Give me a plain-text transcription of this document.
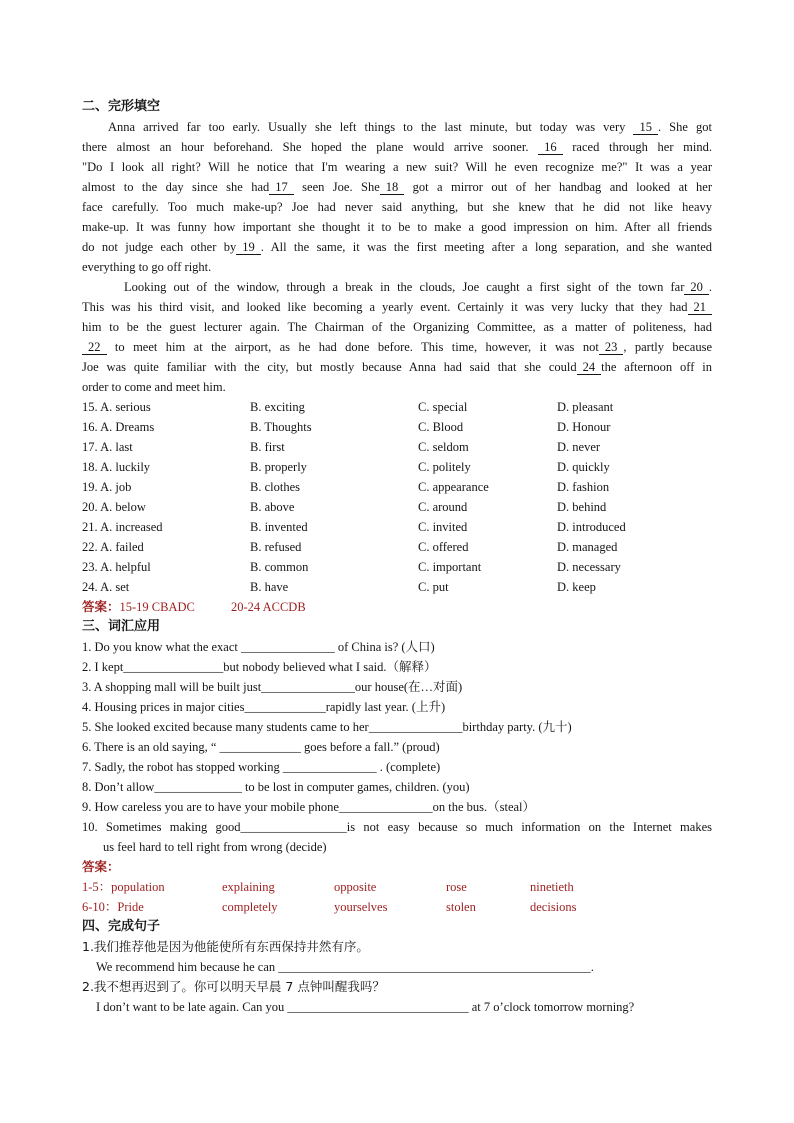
二、完形填空
Anna arrived far too early. Usually she left things to the last minute, but today was very 15 . She got
there almost an hour beforehand. She hoped the plane would arrive sooner. 16 raced through her mind.
"Do I look all right? Will he notice that I'm wearing a new suit? Will he even recognize me?" It was a year
almost to the day since she had 17 seen Joe. She 18 got a mirror out of her handbag and looked at her
face carefully. Too much make-up? Joe had never said anything, but she knew that he did not like heavy
make-up. It was funny how important she thought it to be to make a good impression on him. After all friends
do not judge each other by 19 . All the same, it was the first meeting after a long separation, and she wanted
everything to go off right.
Looking out of the window, through a break in the clouds, Joe caught a first sight of the town far 20 .
This was his third visit, and looked like becoming a yearly event. Certainly it was very lucky that they had 21
him to be the guest lecturer again. The Chairman of the Organizing Committee, as a matter of politeness, had
22 to meet him at the airport, as he had done before. This time, however, it was not 23 , partly because
Joe was quite familiar with the city, but mostly because Anna had said that she could 24 the afternoon off in
order to come and meet him.
15. A. serious	B. exciting	C. special	D. pleasant
16. A. Dreams	B. Thoughts	C. Blood	D. Honour
17. A. last	B. first	C. seldom	D. never
18. A. luckily	B. properly	C. politely	D. quickly
19. A. job	B. clothes	C. appearance	D. fashion
20. A. below	B. above	C. around	D. behind
21. A. increased	B. invented	C. invited	D. introduced
22. A. failed	B. refused	C. offered	D. managed
23. A. helpful	B. common	C. important	D. necessary
24. A. set	B. have	C. put	D. keep
答案：15-19 CBADC	20-24 ACCDB
三、词汇应用
1. Do you know what the exact _______________ of China is? (人口)
2. I kept________________but nobody believed what I said.（解释）
3. A shopping mall will be built just_______________our house(在…对面)
4. Housing prices in major cities_____________rapidly last year. (上升)
5. She looked excited because many students came to her_______________birthday party. (九十)
6. There is an old saying, “ _____________ goes before a fall.” (proud)
7. Sadly, the robot has stopped working _______________ . (complete)
8. Don’t allow______________ to be lost in computer games, children. (you)
9. How careless you are to have your mobile phone_______________on the bus.（steal）
10. Sometimes making good_________________is not easy because so much information on the Internet makes
us feel hard to tell right from wrong (decide)
答案：
1-5：population	explaining	opposite	rose	ninetieth
6-10：Pride	completely	yourselves	stolen	decisions
四、完成句子
1.我们推荐他是因为他能使所有东西保持井然有序。
We recommend him because he can __________________________________________________.
2.我不想再迟到了。你可以明天早晨 7 点钟叫醒我吗？
I don’t want to be late again. Can you _____________________________ at 7 o’clock tomorrow morning?
